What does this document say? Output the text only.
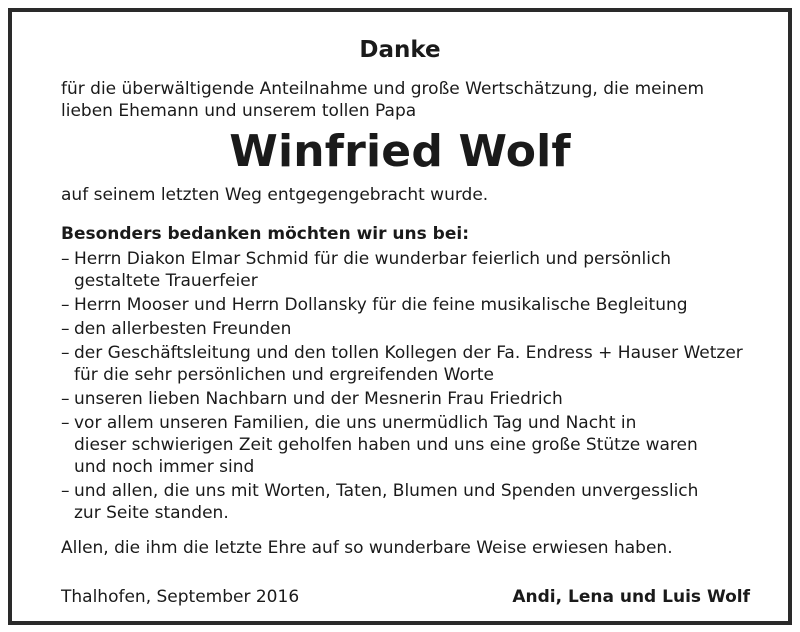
Danke
für die überwältigende Anteilnahme und große Wertschätzung, die meinem
lieben Ehemann und unserem tollen Papa
Winfried Wolf
auf seinem letzten Weg entgegengebracht wurde.
Besonders bedanken möchten wir uns bei:
– Herrn Diakon Elmar Schmid für die wunderbar feierlich und persönlich
gestaltete Trauerfeier
– Herrn Mooser und Herrn Dollansky für die feine musikalische Begleitung
– den allerbesten Freunden
– der Geschäftsleitung und den tollen Kollegen der Fa. Endress + Hauser Wetzer
für die sehr persönlichen und ergreifenden Worte
– unseren lieben Nachbarn und der Mesnerin Frau Friedrich
– vor allem unseren Familien, die uns unermüdlich Tag und Nacht in
dieser schwierigen Zeit geholfen haben und uns eine große Stütze waren
und noch immer sind
– und allen, die uns mit Worten, Taten, Blumen und Spenden unvergesslich
zur Seite standen.
Allen, die ihm die letzte Ehre auf so wunderbare Weise erwiesen haben.
Thalhofen, September 2016	Andi, Lena und Luis Wolf
